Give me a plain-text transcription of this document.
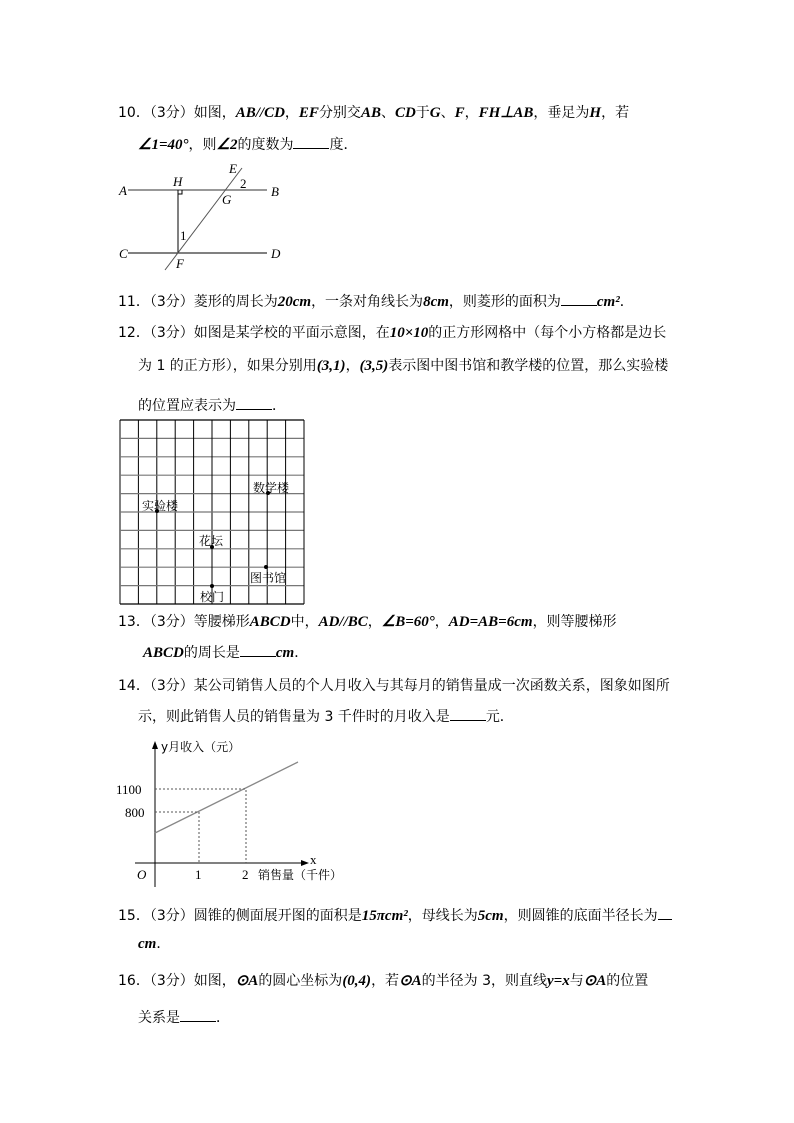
10．（3分）如图，AB//CD，EF分别交AB、CD于G、F，FH⊥AB，垂足为H，若
∠1=40°，则∠2的度数为	度．
A	B
C	D
E
F
G
H
1
2
实验楼
数学楼
花坛
图书馆
校门
y月收入（元）
x
销售量（千件）
O
1100
800
1	2
11．（3分）菱形的周长为20cm，一条对角线长为8cm，则菱形的面积为 cm²．
12．（3分）如图是某学校的平面示意图，在10×10的正方形网格中（每个小方格都是边长
为 1 的正方形），如果分别用(3,1)，(3,5)表示图中图书馆和教学楼的位置，那么实验楼
的位置应表示为	．
13．（3分）等腰梯形ABCD中，AD//BC，∠B=60°，AD=AB=6cm，则等腰梯形
ABCD的周长是 cm．
14．（3分）某公司销售人员的个人月收入与其每月的销售量成一次函数关系，图象如图所
示，则此销售人员的销售量为 3 千件时的月收入是	元．
15．（3分）圆锥的侧面展开图的面积是15πcm²，母线长为5cm，则圆锥的底面半径长为
cm．
16．（3分）如图，⊙A的圆心坐标为(0,4)，若⊙A的半径为 3，则直线y=x与⊙A的位置
关系是	．
